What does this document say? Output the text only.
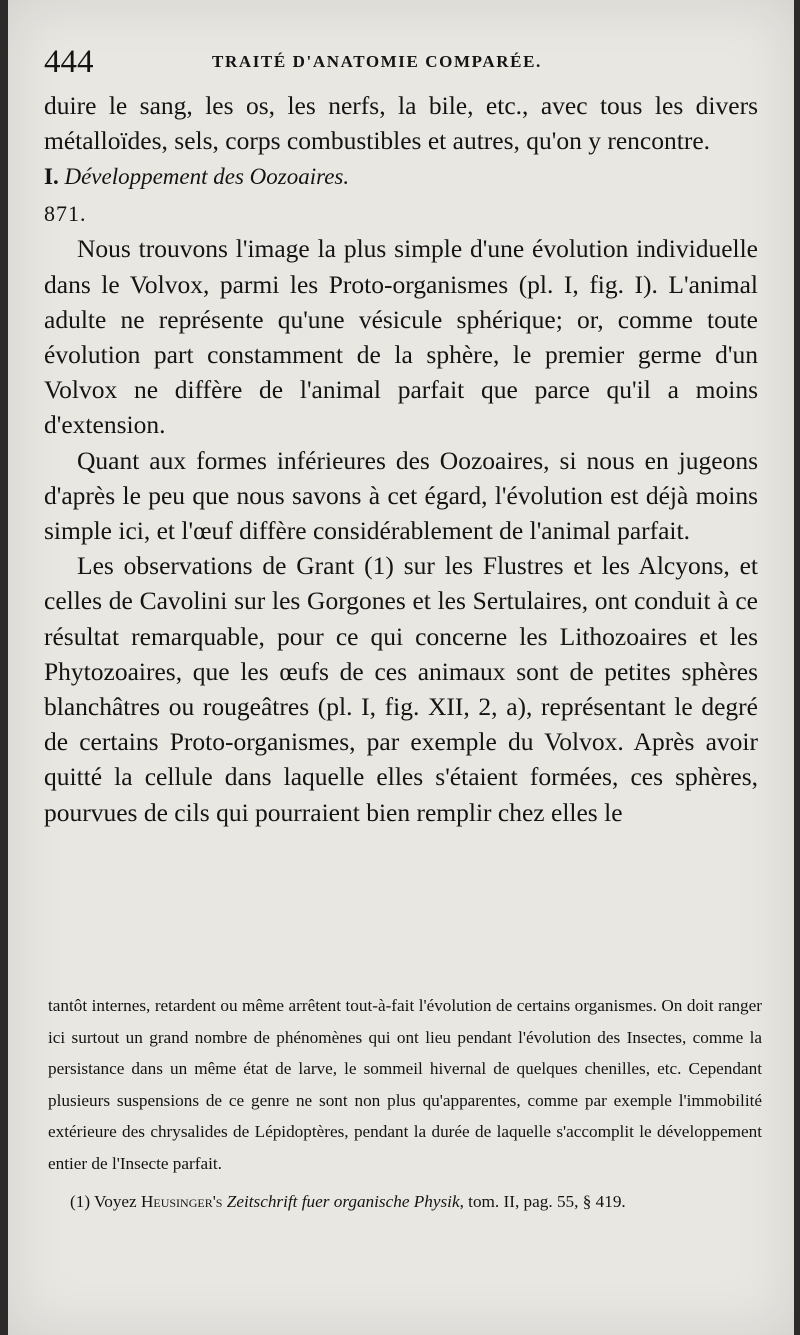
444	TRAITÉ D'ANATOMIE COMPARÉE.

duire le sang, les os, les nerfs, la bile, etc., avec tous les divers métalloïdes, sels, corps combustibles et autres, qu'on y rencontre.

I. Développement des Oozoaires.

871.

Nous trouvons l'image la plus simple d'une évolution individuelle dans le Volvox, parmi les Proto-organismes (pl. I, fig. I). L'animal adulte ne représente qu'une vésicule sphérique; or, comme toute évolution part constamment de la sphère, le premier germe d'un Volvox ne diffère de l'animal parfait que parce qu'il a moins d'extension.

Quant aux formes inférieures des Oozoaires, si nous en jugeons d'après le peu que nous savons à cet égard, l'évolution est déjà moins simple ici, et l'œuf diffère considérablement de l'animal parfait.

Les observations de Grant (1) sur les Flustres et les Alcyons, et celles de Cavolini sur les Gorgones et les Sertulaires, ont conduit à ce résultat remarquable, pour ce qui concerne les Lithozoaires et les Phytozoaires, que les œufs de ces animaux sont de petites sphères blanchâtres ou rougeâtres (pl. I, fig. XII, 2, a), représentant le degré de certains Proto-organismes, par exemple du Volvox. Après avoir quitté la cellule dans laquelle elles s'étaient formées, ces sphères, pourvues de cils qui pourraient bien remplir chez elles le

tantôt internes, retardent ou même arrêtent tout-à-fait l'évolution de certains organismes. On doit ranger ici surtout un grand nombre de phénomènes qui ont lieu pendant l'évolution des Insectes, comme la persistance dans un même état de larve, le sommeil hivernal de quelques chenilles, etc. Cependant plusieurs suspensions de ce genre ne sont non plus qu'apparentes, comme par exemple l'immobilité extérieure des chrysalides de Lépidoptères, pendant la durée de laquelle s'accomplit le développement entier de l'Insecte parfait.

(1) Voyez Heusinger's Zeitschrift fuer organische Physik, tom. II, pag. 55, § 419.
